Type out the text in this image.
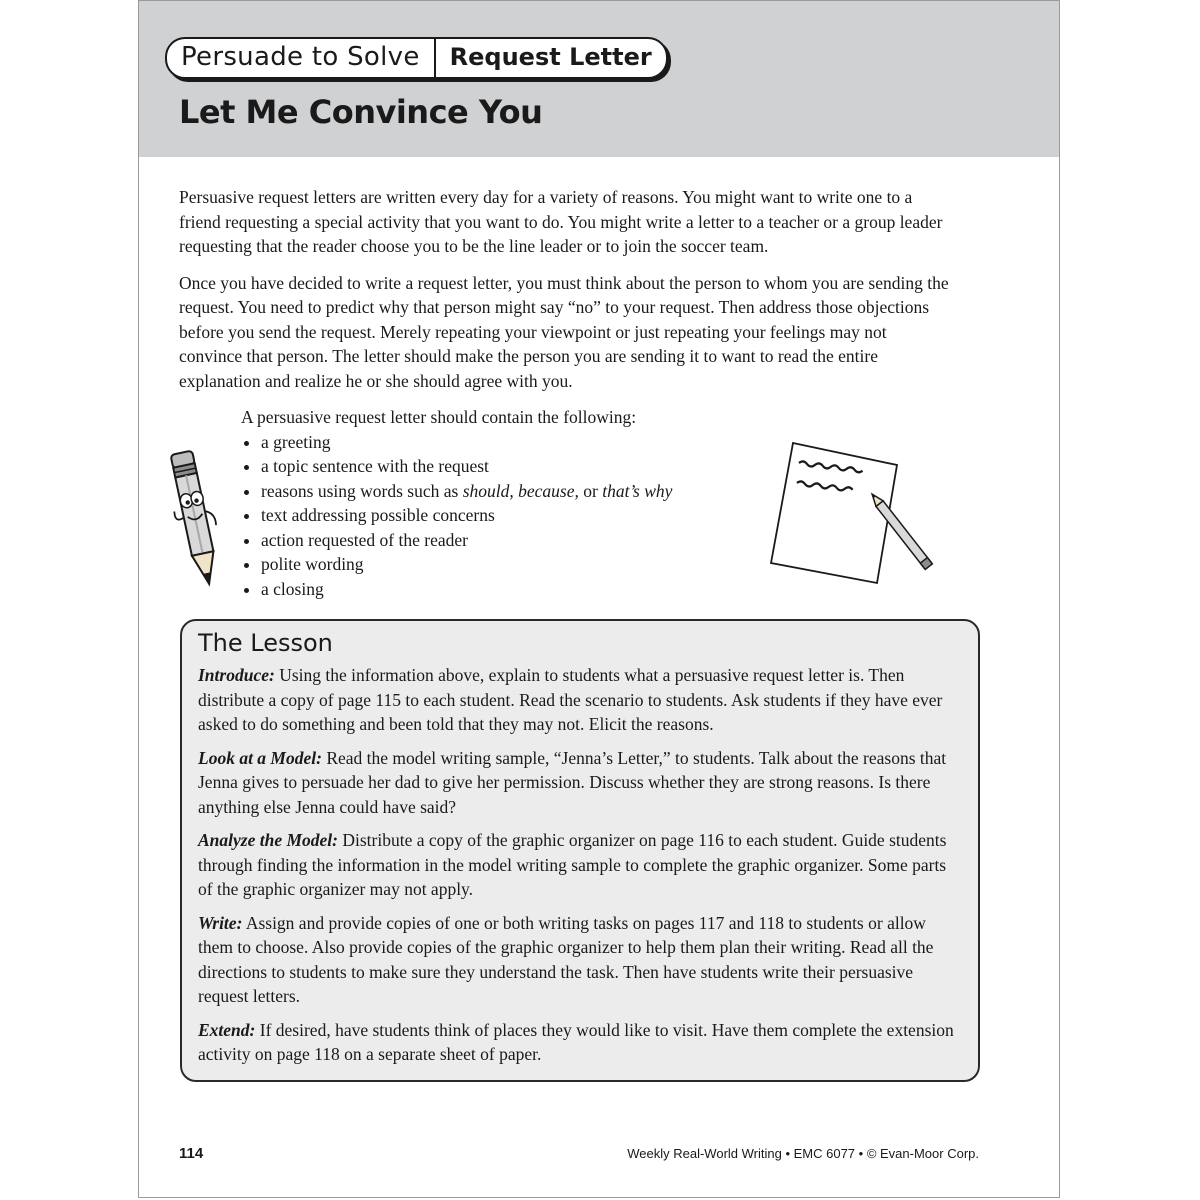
Persuade to Solve	Request Letter
Let Me Convince You

Persuasive request letters are written every day for a variety of reasons. You might want to write one to a friend requesting a special activity that you want to do. You might write a letter to a teacher or a group leader requesting that the reader choose you to be the line leader or to join the soccer team.

Once you have decided to write a request letter, you must think about the person to whom you are sending the request. You need to predict why that person might say “no” to your request. Then address those objections before you send the request. Merely repeating your viewpoint or just repeating your feelings may not convince that person. The letter should make the person you are sending it to want to read the entire explanation and realize he or she should agree with you.

A persuasive request letter should contain the following:
• a greeting
• a topic sentence with the request
• reasons using words such as should, because, or that’s why
• text addressing possible concerns
• action requested of the reader
• polite wording
• a closing
The Lesson

Introduce: Using the information above, explain to students what a persuasive request letter is. Then distribute a copy of page 115 to each student. Read the scenario to students. Ask students if they have ever asked to do something and been told that they may not. Elicit the reasons.

Look at a Model: Read the model writing sample, “Jenna’s Letter,” to students. Talk about the reasons that Jenna gives to persuade her dad to give her permission. Discuss whether they are strong reasons. Is there anything else Jenna could have said?

Analyze the Model: Distribute a copy of the graphic organizer on page 116 to each student. Guide students through finding the information in the model writing sample to complete the graphic organizer. Some parts of the graphic organizer may not apply.

Write: Assign and provide copies of one or both writing tasks on pages 117 and 118 to students or allow them to choose. Also provide copies of the graphic organizer to help them plan their writing. Read all the directions to students to make sure they understand the task. Then have students write their persuasive request letters.

Extend: If desired, have students think of places they would like to visit. Have them complete the extension activity on page 118 on a separate sheet of paper.

114	Weekly Real-World Writing • EMC 6077 • © Evan-Moor Corp.
